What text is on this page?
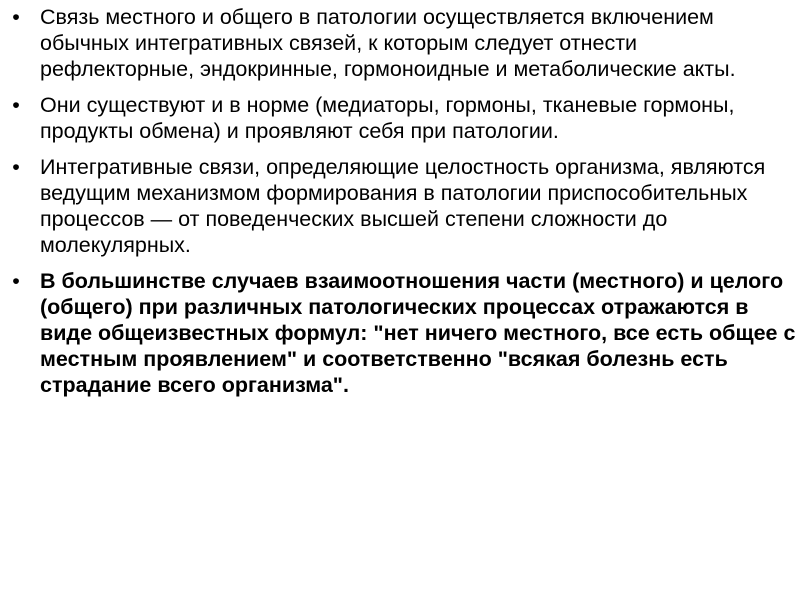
• Связь местного и общего в патологии осуществляется включением обычных интегративных связей, к которым следует отнести рефлекторные, эндокринные, гормоноидные и метаболические акты.
• Они существуют и в норме (медиаторы, гормоны, тканевые гормоны, продукты обмена) и проявляют себя при патологии.
• Интегративные связи, определяющие целостность организма, являются ведущим механизмом формирования в патологии приспособительных процессов — от поведенческих высшей степени сложности до молекулярных.
• В большинстве случаев взаимоотношения части (местного) и целого (общего) при различных патологических процессах отражаются в виде общеизвестных формул: "нет ничего местного, все есть общее с местным проявлением" и соответственно "всякая болезнь есть страдание всего организма".
